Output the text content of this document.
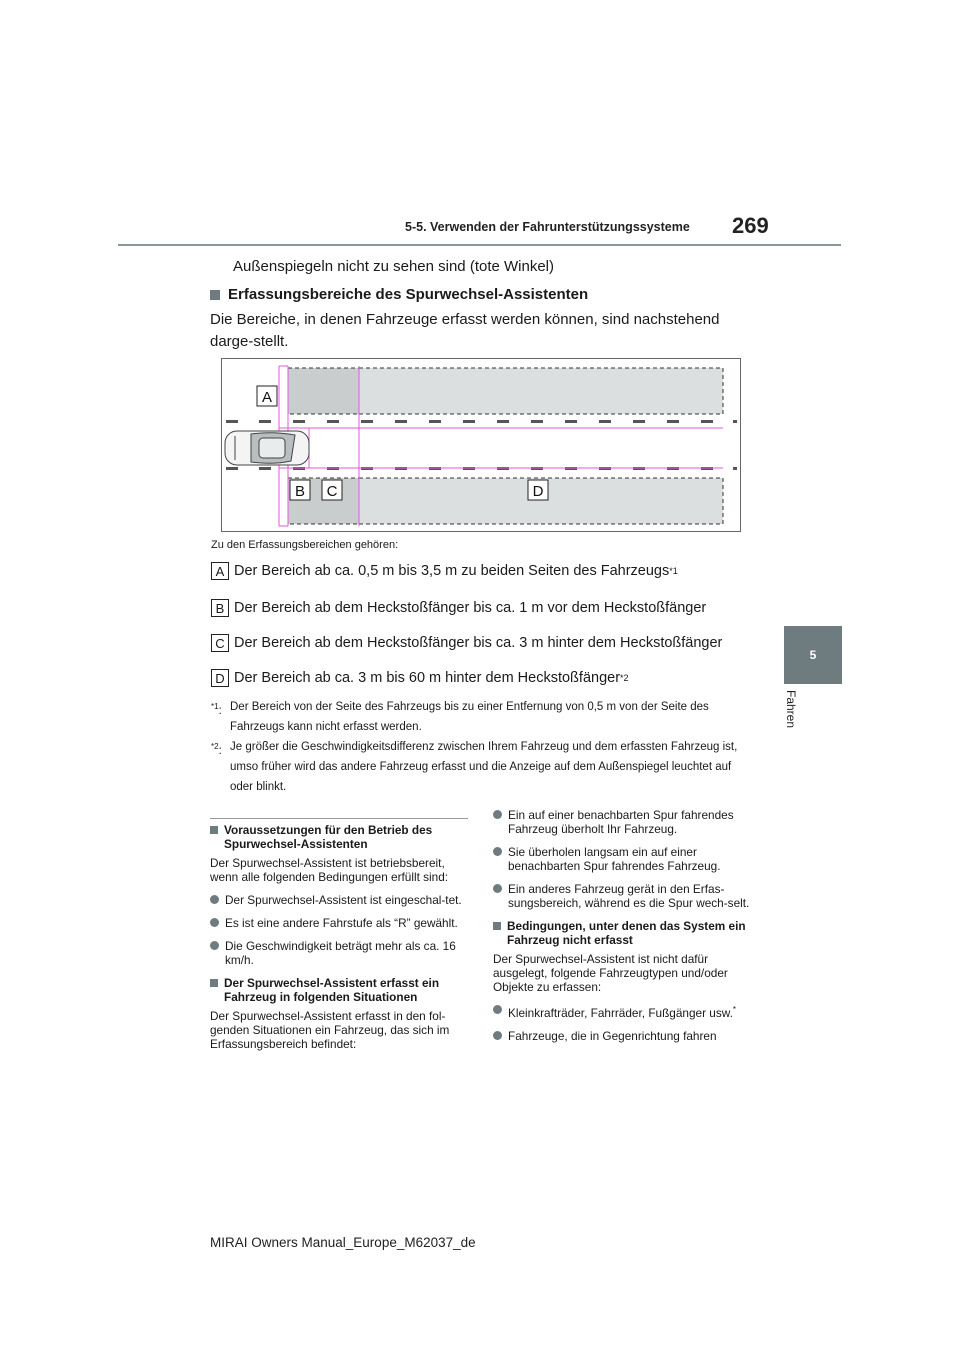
5-5. Verwenden der Fahrunterstützungssysteme 269
5
Fahren
Außenspiegeln nicht zu sehen sind (tote Winkel)
Erfassungsbereiche des Spurwechsel-Assistenten
Die Bereiche, in denen Fahrzeuge erfasst werden können, sind nachstehend darge-stellt.
A
B C	D
Zu den Erfassungsbereichen gehören:
A Der Bereich ab ca. 0,5 m bis 3,5 m zu beiden Seiten des Fahrzeugs *1
B Der Bereich ab dem Heckstoßfänger bis ca. 1 m vor dem Heckstoßfänger
C Der Bereich ab dem Heckstoßfänger bis ca. 3 m hinter dem Heckstoßfänger
D Der Bereich ab ca. 3 m bis 60 m hinter dem Heckstoßfänger *2
$^{*1}$: Der Bereich von der Seite des Fahrzeugs bis zu einer Entfernung von 0,5 m von der Seite des Fahrzeugs kann nicht erfasst werden.
$^{*2}$: Je größer die Geschwindigkeitsdifferenz zwischen Ihrem Fahrzeug und dem erfassten Fahrzeug ist, umso früher wird das andere Fahrzeug erfasst und die Anzeige auf dem Außenspiegel leuchtet auf oder blinkt.
Voraussetzungen für den Betrieb des Spurwechsel-Assistenten

Der Spurwechsel-Assistent ist betriebsbereit, wenn alle folgenden Bedingungen erfüllt sind:

Der Spurwechsel-Assistent ist eingeschal-tet.
Es ist eine andere Fahrstufe als “R” gewählt.
Die Geschwindigkeit beträgt mehr als ca. 16 km/h.
Der Spurwechsel-Assistent erfasst ein Fahrzeug in folgenden Situationen

Der Spurwechsel-Assistent erfasst in den fol-genden Situationen ein Fahrzeug, das sich im Erfassungsbereich befindet:

Ein auf einer benachbarten Spur fahrendes Fahrzeug überholt Ihr Fahrzeug.
Sie überholen langsam ein auf einer benachbarten Spur fahrendes Fahrzeug.
Ein anderes Fahrzeug gerät in den Erfas-sungsbereich, während es die Spur wech-selt.
Bedingungen, unter denen das System ein Fahrzeug nicht erfasst

Der Spurwechsel-Assistent ist nicht dafür ausgelegt, folgende Fahrzeugtypen und/oder Objekte zu erfassen:

Kleinkrafträder, Fahrräder, Fußgänger usw.*
Fahrzeuge, die in Gegenrichtung fahren
MIRAI Owners Manual_Europe_M62037_de
